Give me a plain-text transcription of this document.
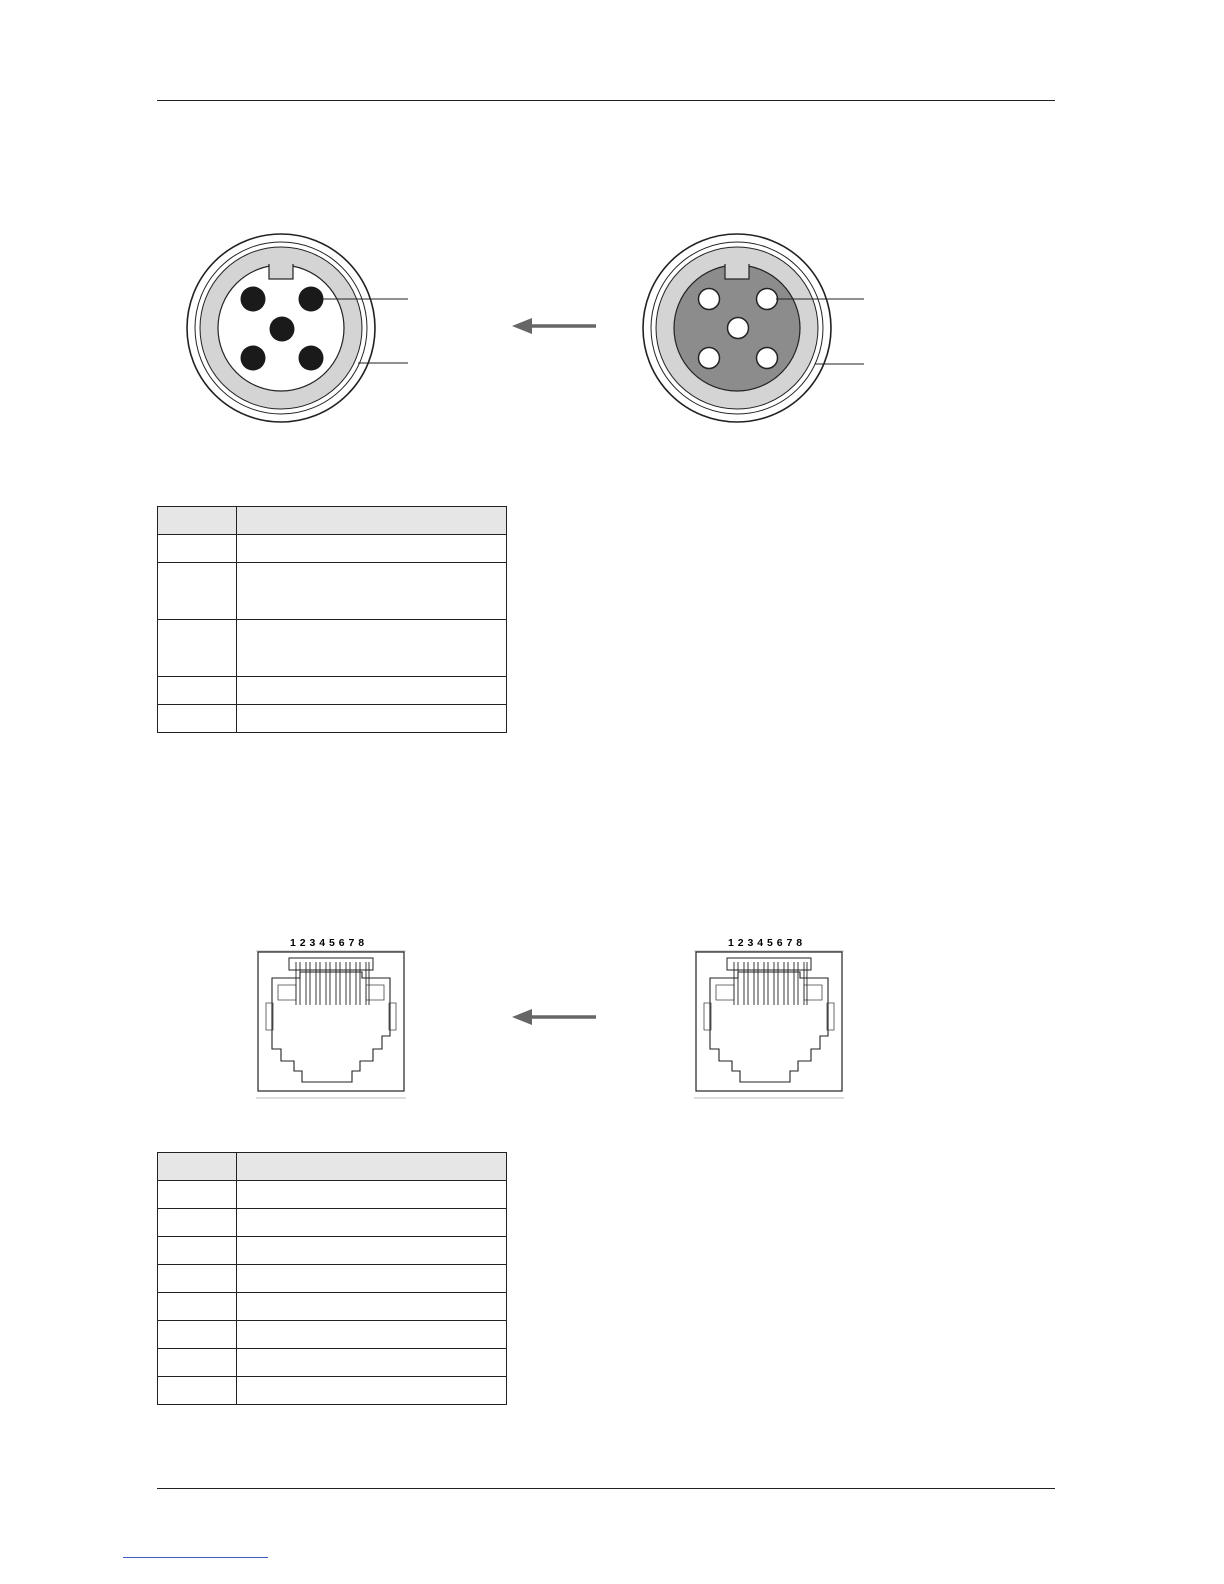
1 2 3 4 5 6 7 8	1 2 3 4 5 6 7 8
